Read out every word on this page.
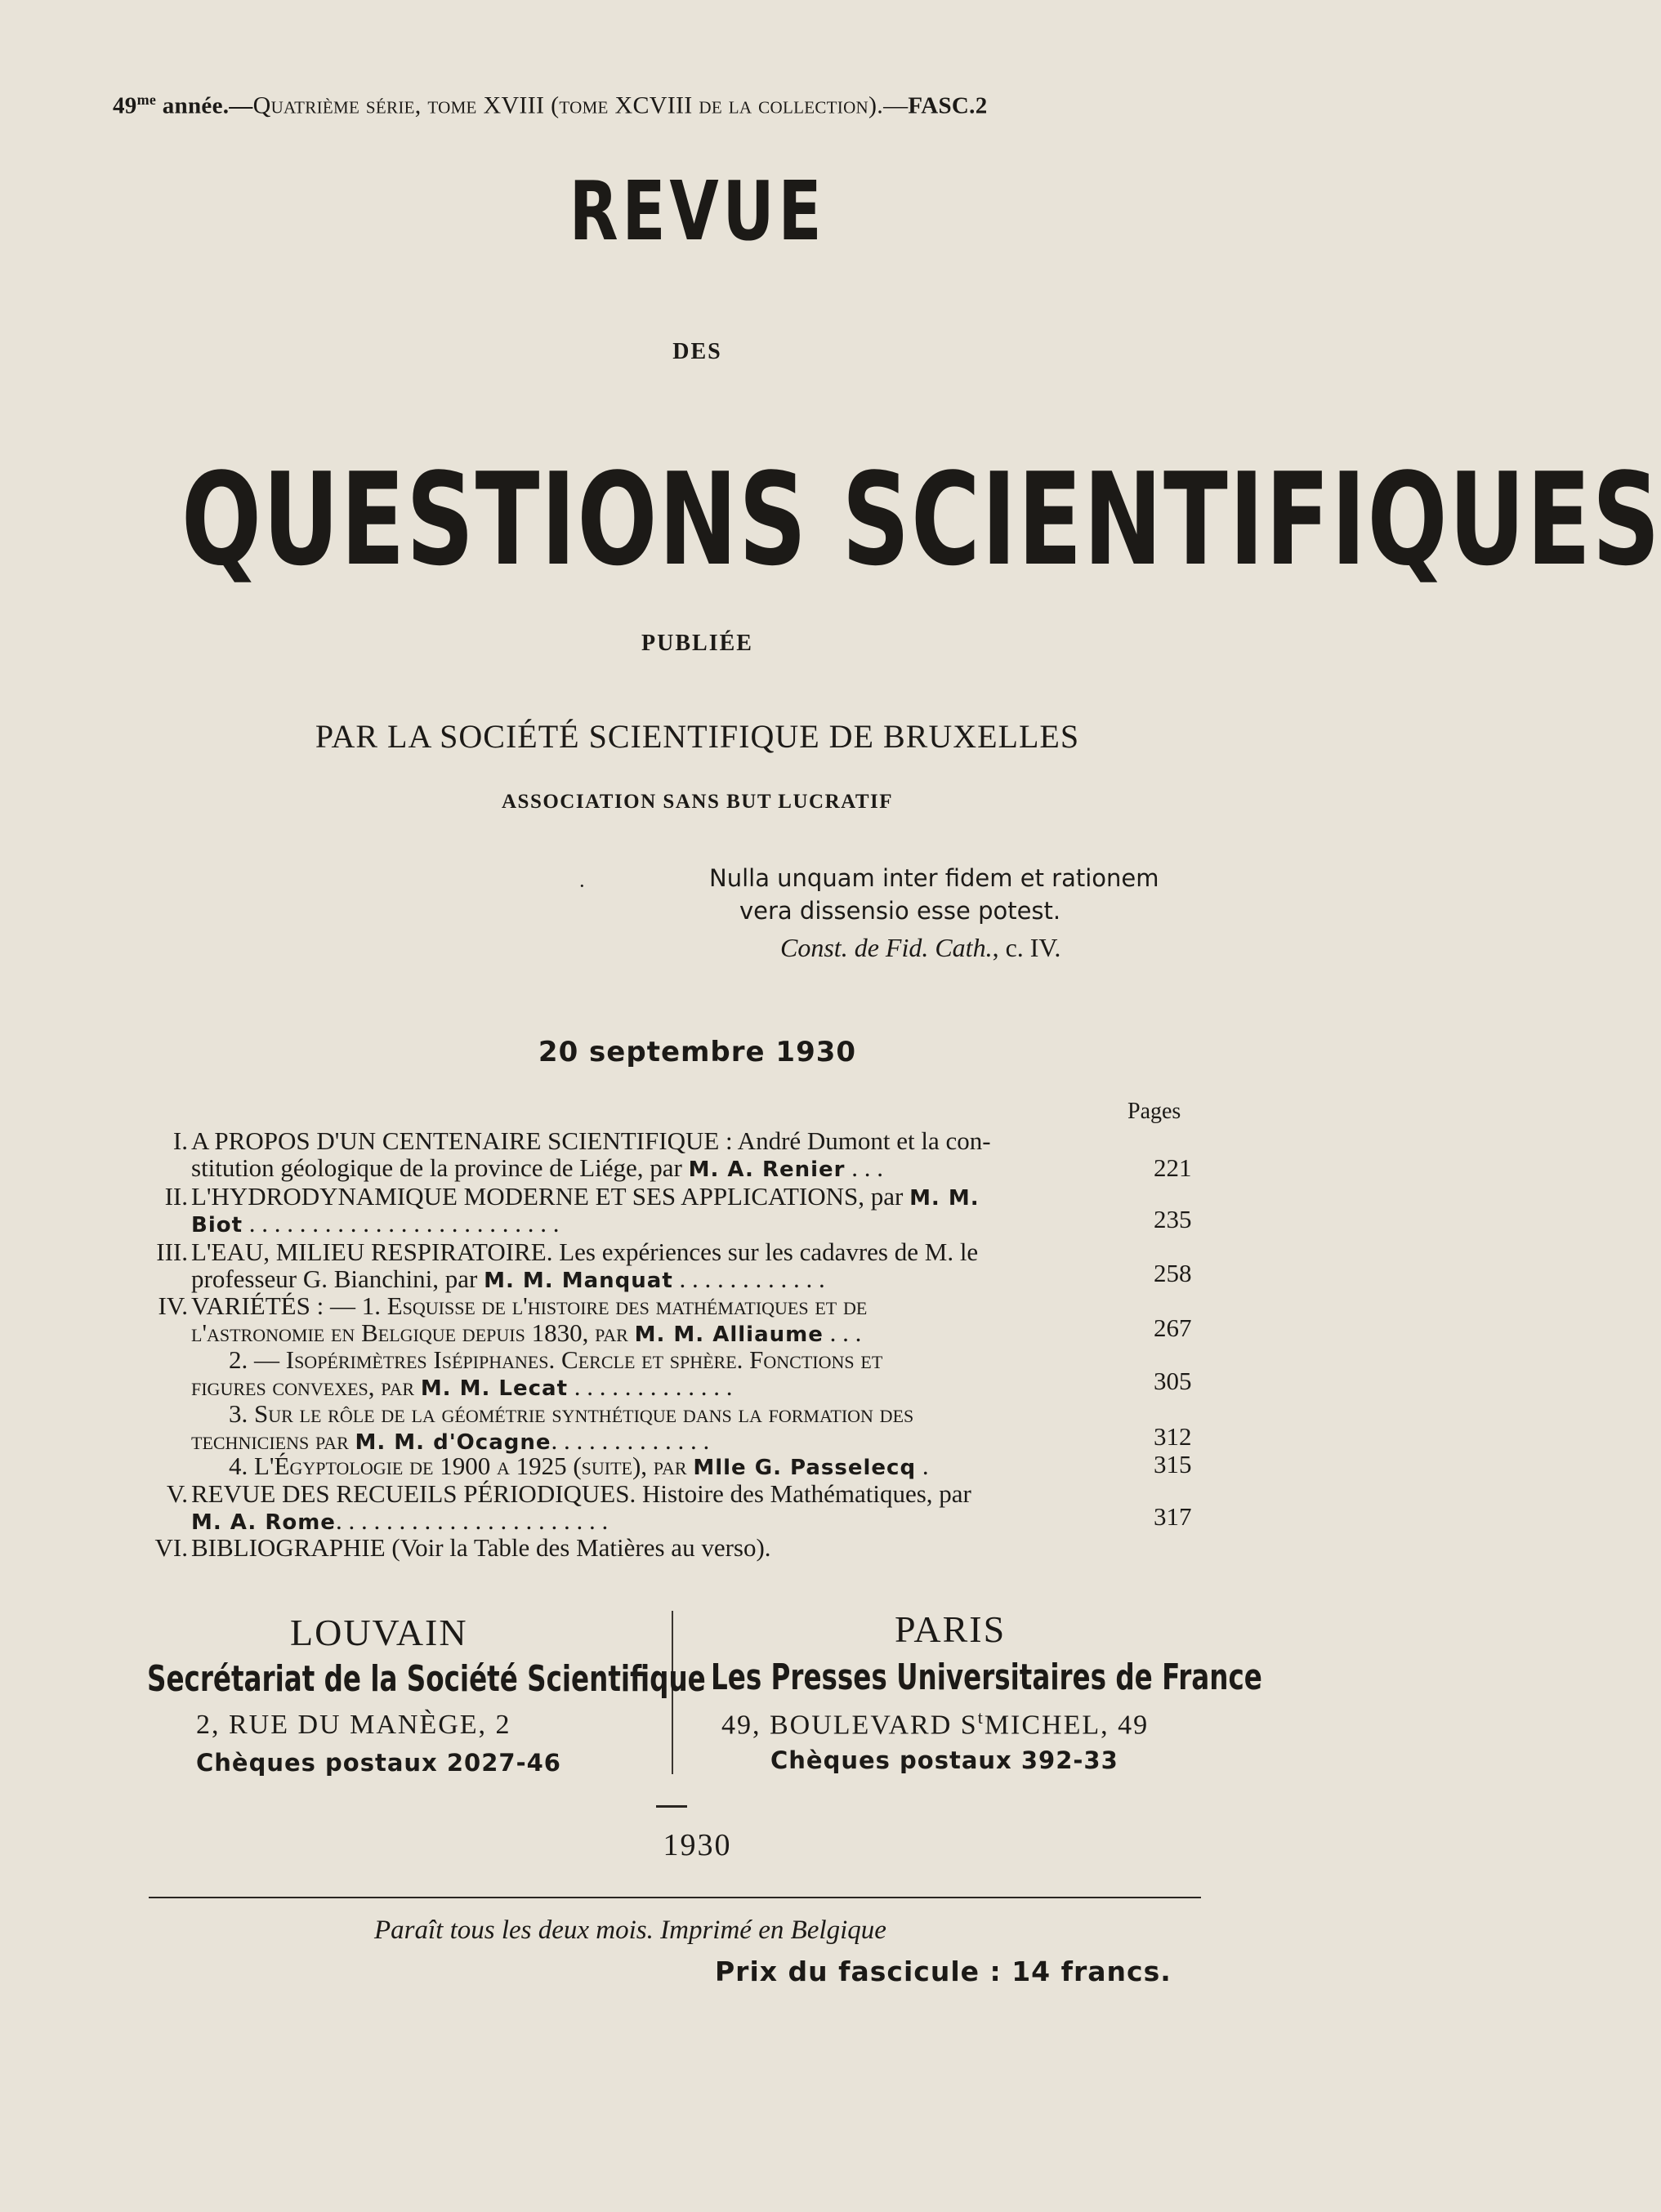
$49^{me}$ année.—Quatrième série, tome XVIII (tome XCVIII de la collection).—FASC.2
REVUE
DES
QUESTIONS SCIENTIFIQUES
PUBLIÉE
PAR LA SOCIÉTÉ SCIENTIFIQUE DE BRUXELLES
ASSOCIATION SANS BUT LUCRATIF
·	Nulla unquam inter fidem et rationem
vera dissensio esse potest.
Const. de Fid. Cath., c. IV.
20 septembre 1930
Pages
I. A PROPOS D'UN CENTENAIRE SCIENTIFIQUE : André Dumont et la con-
stitution géologique de la province de Liége, par M. A. Renier . . .	221
II. L'HYDRODYNAMIQUE MODERNE ET SES APPLICATIONS, par M. M.
Biot . . . . . . . . . . . . . . . . . . . . . . . . .	235
III. L'EAU, MILIEU RESPIRATOIRE. Les expériences sur les cadavres de M. le
professeur G. Bianchini, par M. M. Manquat . . . . . . . . . . . .	258
IV. VARIÉTÉS : — 1. Esquisse de l'histoire des mathématiques et de
l'astronomie en Belgique depuis 1830, par M. M. Alliaume . . .	267
2. — Isopérimètres Isépiphanes. Cercle et sphère. Fonctions et
figures convexes, par M. M. Lecat . . . . . . . . . . . . .	305
3. Sur le rôle de la géométrie synthétique dans la formation des
techniciens par M. M. d'Ocagne. . . . . . . . . . . . .	312
4. L'Égyptologie de 1900 a 1925 (suite), par Mlle G. Passelecq .	315
V. REVUE DES RECUEILS PÉRIODIQUES. Histoire des Mathématiques, par
M. A. Rome. . . . . . . . . . . . . . . . . . . . . .	317
VI. BIBLIOGRAPHIE (Voir la Table des Matières au verso).
LOUVAIN
Secrétariat de la Société Scientifique
2, RUE DU MANÈGE, 2
Chèques postaux 2027-46
PARIS
Les Presses Universitaires de France
49, BOULEVARD $S^tMICHEL$, 49
Chèques postaux 392-33
1930
Paraît tous les deux mois. Imprimé en Belgique
Prix du fascicule : 14 francs.
